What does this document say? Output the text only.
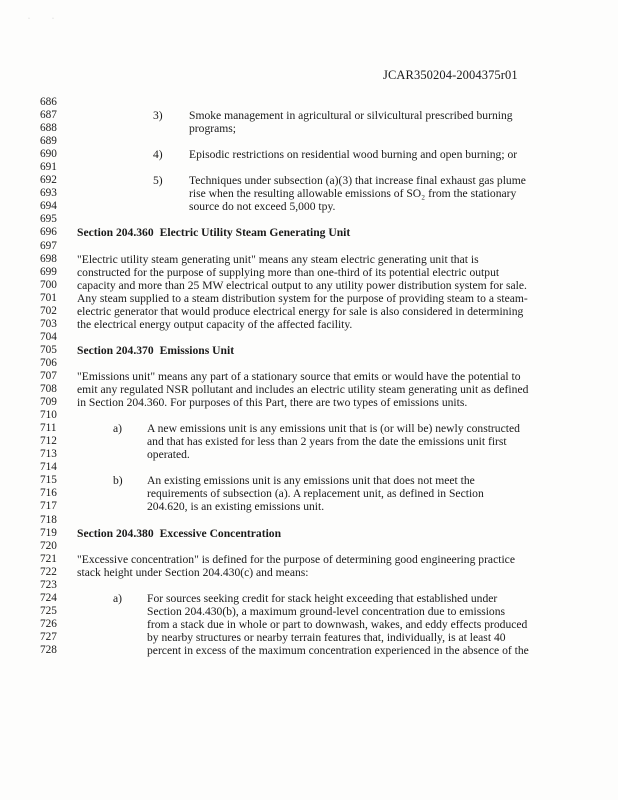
·	·
JCAR350204-2004375r01
686
687	3) Smoke management in agricultural or silvicultural prescribed burning
688	programs;
689
690	4) Episodic restrictions on residential wood burning and open burning; or
691
692	5) Techniques under subsection (a)(3) that increase final exhaust gas plume
693	rise when the resulting allowable emissions of SO₂ from the stationary
694	source do not exceed 5,000 tpy.
695
696	Section 204.360 Electric Utility Steam Generating Unit
697
698	"Electric utility steam generating unit" means any steam electric generating unit that is
699	constructed for the purpose of supplying more than one-third of its potential electric output
700	capacity and more than 25 MW electrical output to any utility power distribution system for sale.
701	Any steam supplied to a steam distribution system for the purpose of providing steam to a steam-
702	electric generator that would produce electrical energy for sale is also considered in determining
703	the electrical energy output capacity of the affected facility.
704
705	Section 204.370 Emissions Unit
706
707	"Emissions unit" means any part of a stationary source that emits or would have the potential to
708	emit any regulated NSR pollutant and includes an electric utility steam generating unit as defined
709	in Section 204.360. For purposes of this Part, there are two types of emissions units.
710
711	a) A new emissions unit is any emissions unit that is (or will be) newly constructed
712	and that has existed for less than 2 years from the date the emissions unit first
713	operated.
714
715	b) An existing emissions unit is any emissions unit that does not meet the
716	requirements of subsection (a). A replacement unit, as defined in Section
717	204.620, is an existing emissions unit.
718
719	Section 204.380 Excessive Concentration
720
721	"Excessive concentration" is defined for the purpose of determining good engineering practice
722	stack height under Section 204.430(c) and means:
723
724	a) For sources seeking credit for stack height exceeding that established under
725	Section 204.430(b), a maximum ground-level concentration due to emissions
726	from a stack due in whole or part to downwash, wakes, and eddy effects produced
727	by nearby structures or nearby terrain features that, individually, is at least 40
728	percent in excess of the maximum concentration experienced in the absence of the
